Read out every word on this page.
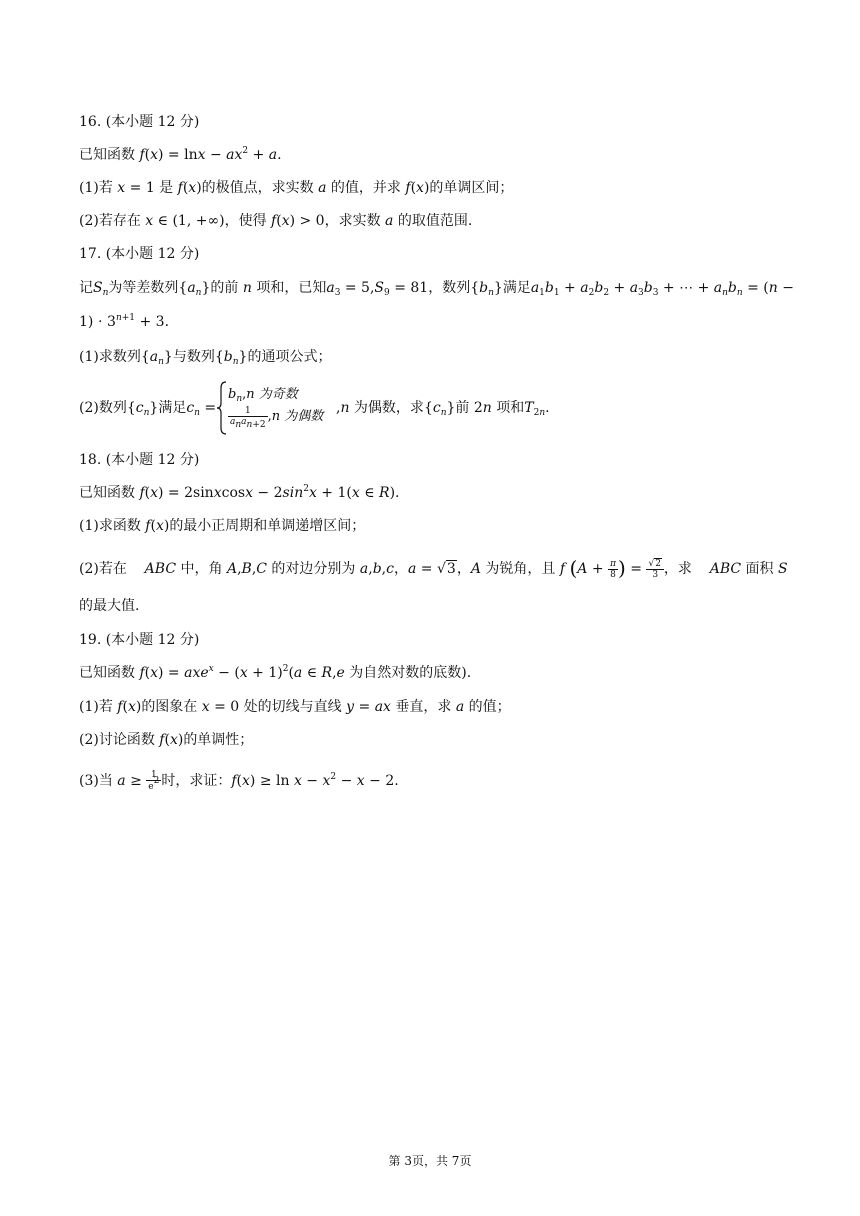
16. (本小题 12 分)
已知函数 $f(x) = \ln x - ax^2 + a$.
(1)若 x = 1 是 f(x)的极值点，求实数 a 的值，并求 f(x)的单调区间；
(2)若存在 x ∈ (1, +∞)，使得 f(x) > 0，求实数 a 的取值范围.
17. (本小题 12 分)
记$S_n$为等差数列$\{a_n\}$的前 n 项和，已知$a_3 = 5,S_9 = 81$，数列$\{b_n\}$满足$a_1b_1 + a_2b_2 + a_3b_3$ + ⋯ + $a_nb_n = (n$ −
$1) \cdot 3^{n+1} + 3$.
(1)求数列$\{a_n\}$与数列$\{b_n\}$的通项公式；
(2)数列$\{c_n\}$满足$c_n$ =
$b_n,n$ 为奇数
$\frac{1}{a_na_{n+2}} ,n$ 为偶数
,n 为偶数，求$\{c_n\}$前 2n 项和$T_{2n}$.
18. (本小题 12 分)
已知函数 f(x) = 2sinxcosx − $2\sin^2x + 1(x$ ∈ R).
(1)求函数 f(x)的最小正周期和单调递增区间；
(2)若在 ABC 中，角 A,B,C 的对边分别为 a,b,c，a = √3，A 为锐角，且 f ($A + \frac{\pi}{8}$ ) = $\frac{√2}{3}$ ，求 ABC 面积 S
的最大值.
19. (本小题 12 分)
已知函数 $f(x) = axe^x - (x + 1)^2(a$ ∈ R,e 为自然对数的底数).
(1)若 f(x)的图象在 x = 0 处的切线与直线 y = ax 垂直，求 a 的值；
(2)讨论函数 f(x)的单调性；
(3)当 $a \ge \frac{1}{e^2}$ 时，求证：$f(x) \ge \ln x - x^2 - x - 2$.
第 3页，共 7页
